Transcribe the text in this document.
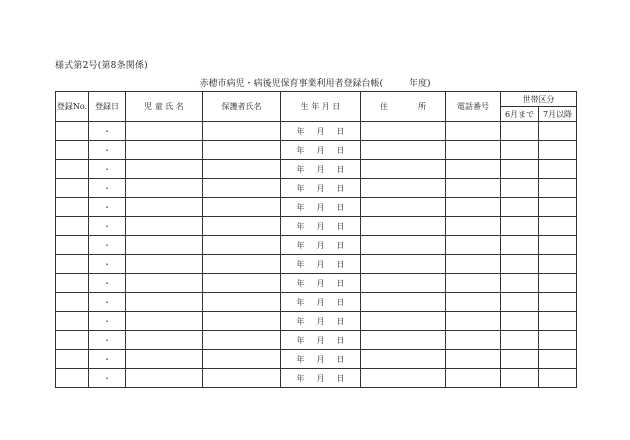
様式第2号(第8条関係)
赤穂市病児・病後児保育事業利用者登録台帳(	年度)
登録No.	登録日	児 童 氏 名	保護者氏名	生 年 月 日	住 所	電話番号	世帯区分	
							6月まで	7月以降
	・			年 月 日				
	・			年 月 日				
	・			年 月 日				
	・			年 月 日				
	・			年 月 日				
	・			年 月 日				
	・			年 月 日				
	・			年 月 日				
	・			年 月 日				
	・			年 月 日				
	・			年 月 日				
	・			年 月 日				
	・			年 月 日				
	・			年 月 日				
